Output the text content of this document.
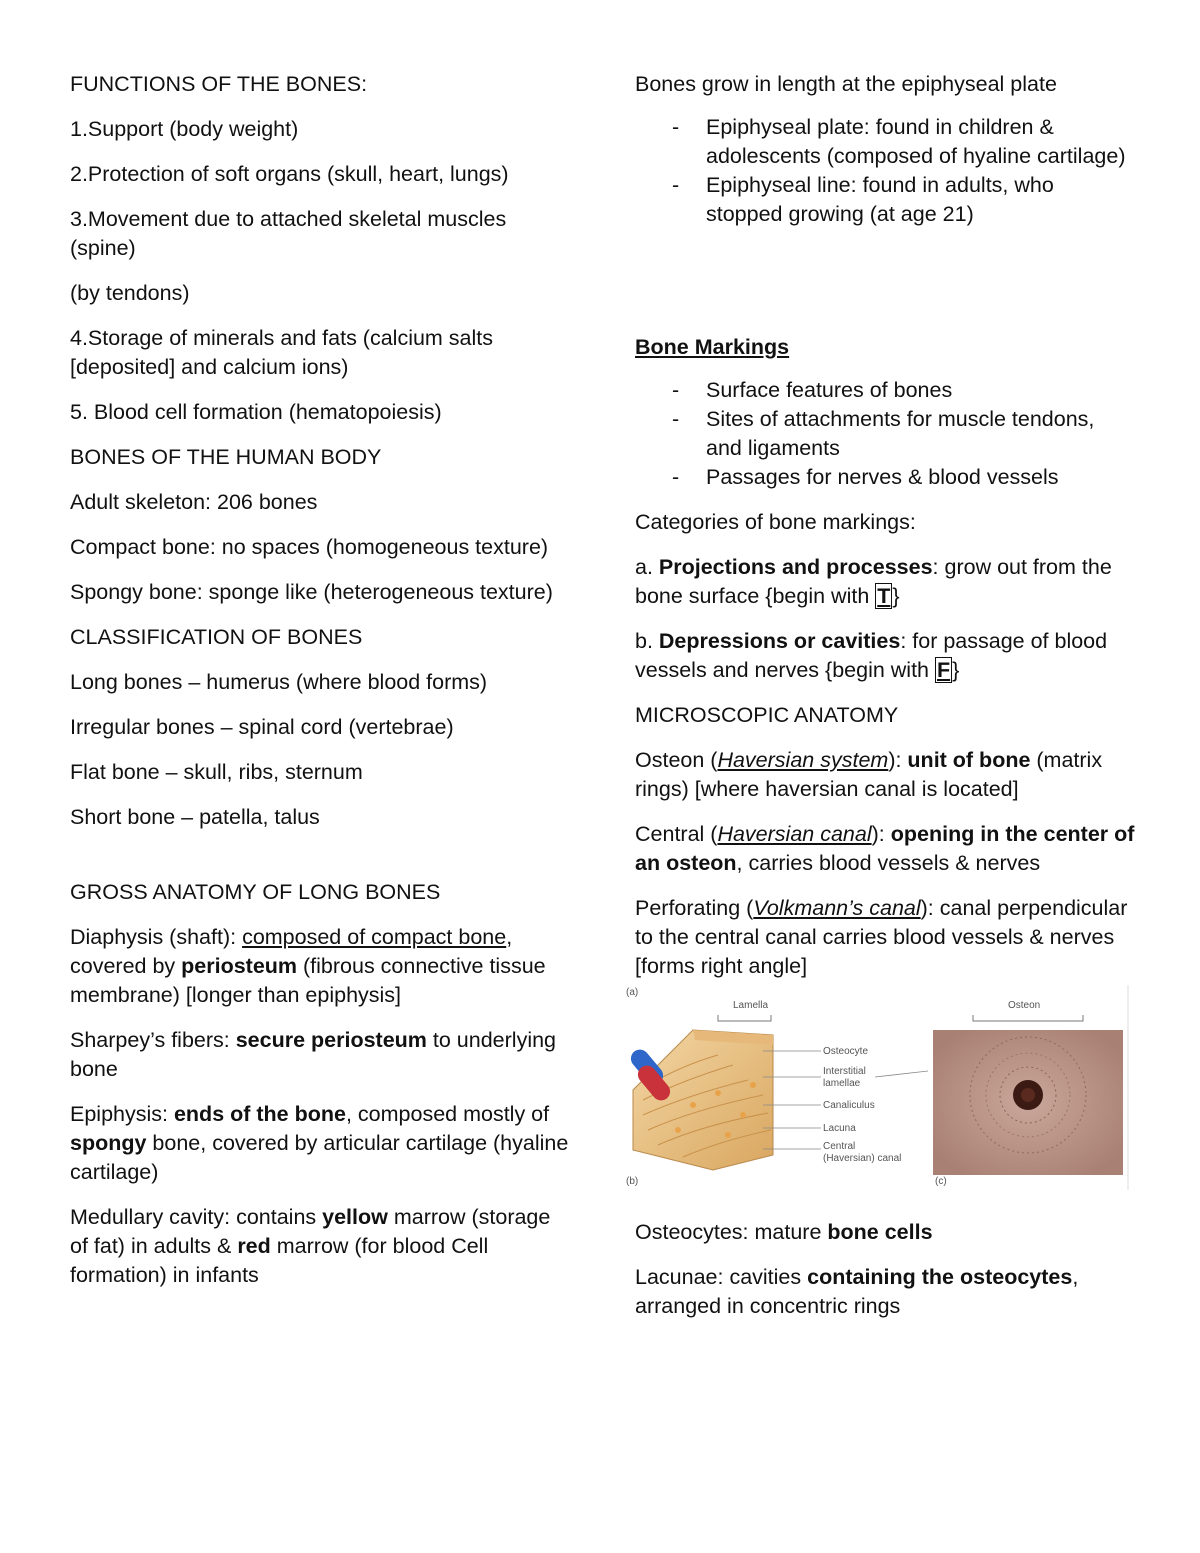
FUNCTIONS OF THE BONES:

1.Support (body weight)

2.Protection of soft organs (skull, heart, lungs)

3.Movement due to attached skeletal muscles (spine)

(by tendons)

4.Storage of minerals and fats (calcium salts [deposited] and calcium ions)

5. Blood cell formation (hematopoiesis)

BONES OF THE HUMAN BODY

Adult skeleton: 206 bones

Compact bone: no spaces (homogeneous texture)

Spongy bone: sponge like (heterogeneous texture)

CLASSIFICATION OF BONES

Long bones – humerus (where blood forms)

Irregular bones – spinal cord (vertebrae)

Flat bone – skull, ribs, sternum

Short bone – patella, talus

GROSS ANATOMY OF LONG BONES

Diaphysis (shaft): composed of compact bone, covered by periosteum (fibrous connective tissue membrane) [longer than epiphysis]

Sharpey’s fibers: secure periosteum to underlying bone

Epiphysis: ends of the bone, composed mostly of spongy bone, covered by articular cartilage (hyaline cartilage)

Medullary cavity: contains yellow marrow (storage of fat) in adults & red marrow (for blood Cell formation) in infants

Bones grow in length at the epiphyseal plate

- Epiphyseal plate: found in children & adolescents (composed of hyaline cartilage)
- Epiphyseal line: found in adults, who stopped growing (at age 21)

Bone Markings

- Surface features of bones
- Sites of attachments for muscle tendons, and ligaments
- Passages for nerves & blood vessels

Categories of bone markings:

a. Projections and processes: grow out from the bone surface {begin with T}

b. Depressions or cavities: for passage of blood vessels and nerves {begin with F}

MICROSCOPIC ANATOMY

Osteon (Haversian system): unit of bone (matrix rings) [where haversian canal is located]

Central (Haversian canal): opening in the center of an osteon, carries blood vessels & nerves

Perforating (Volkmann’s canal): canal perpendicular to the central canal carries blood vessels & nerves [forms right angle]

(a)
Lamella
Osteocyte
Interstitial
lamellae
Canaliculus
Lacuna
Central
(Haversian) canal
Osteon
(b)	(c)

Osteocytes: mature bone cells

Lacunae: cavities containing the osteocytes, arranged in concentric rings
